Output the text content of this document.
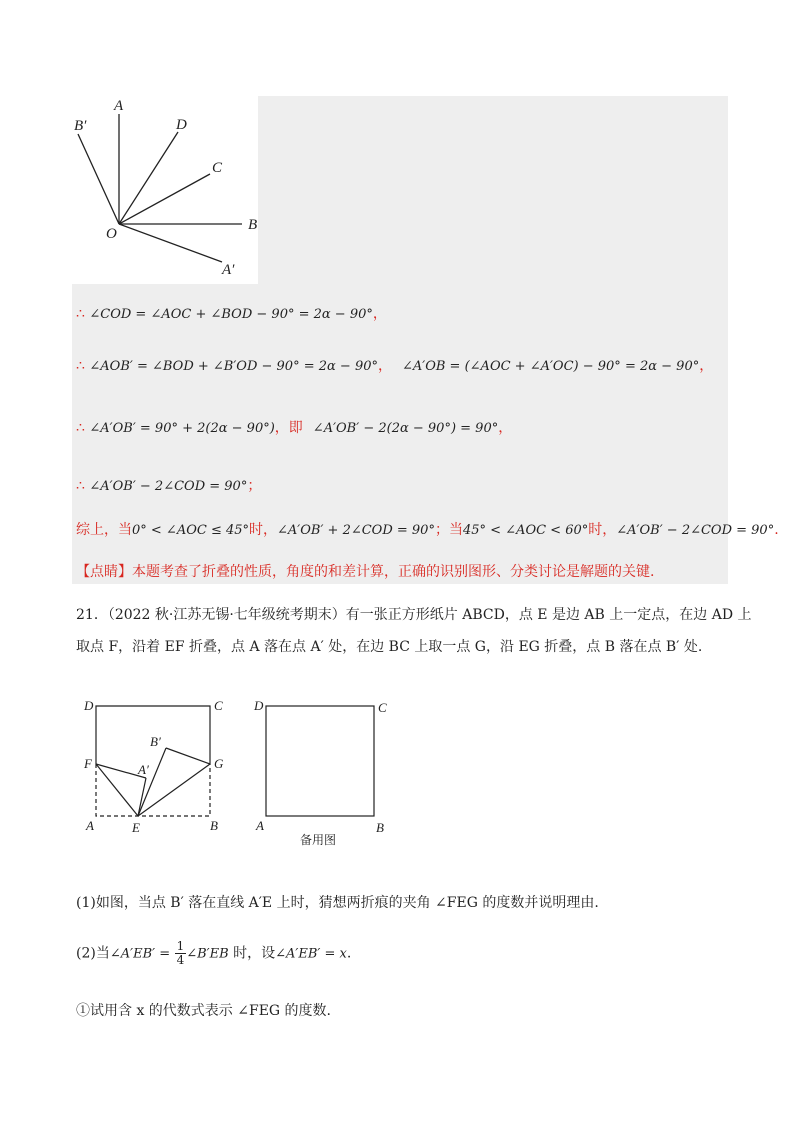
A
B′	D
C
B
O
A′
∴ ∠COD = ∠AOC + ∠BOD − 90° = 2α − 90°，
∴ ∠AOB′ = ∠BOD + ∠B′OD − 90° = 2α − 90°， ∠A′OB = (∠AOC + ∠A′OC) − 90° = 2α − 90°，
∴ ∠A′OB′ = 90° + 2(2α − 90°)，即 ∠A′OB′ − 2(2α − 90°) = 90°，
∴ ∠A′OB′ − 2∠COD = 90°；
综上，当0° < ∠AOC ≤ 45°时，∠A′OB′ + 2∠COD = 90°；当45° < ∠AOC < 60°时，∠A′OB′ − 2∠COD = 90°.
【点睛】本题考查了折叠的性质，角度的和差计算，正确的识别图形、分类讨论是解题的关键.
21．（2022 秋·江苏无锡·七年级统考期末）有一张正方形纸片 ABCD，点 E 是边 AB 上一定点，在边 AD 上
取点 F，沿着 EF 折叠，点 A 落在点 A′ 处，在边 BC 上取一点 G，沿 EG 折叠，点 B 落在点 B′ 处.
D	C
B′
F	A′	G
A	E	B
D	C
A	B
备用图
(1)如图，当点 B′ 落在直线 A′E 上时，猜想两折痕的夹角 ∠FEG 的度数并说明理由.
(2)当∠A′EB′ = $\frac{1}{4}$ ∠B′EB 时，设∠A′EB′ = x.
①试用含 x 的代数式表示 ∠FEG 的度数.
